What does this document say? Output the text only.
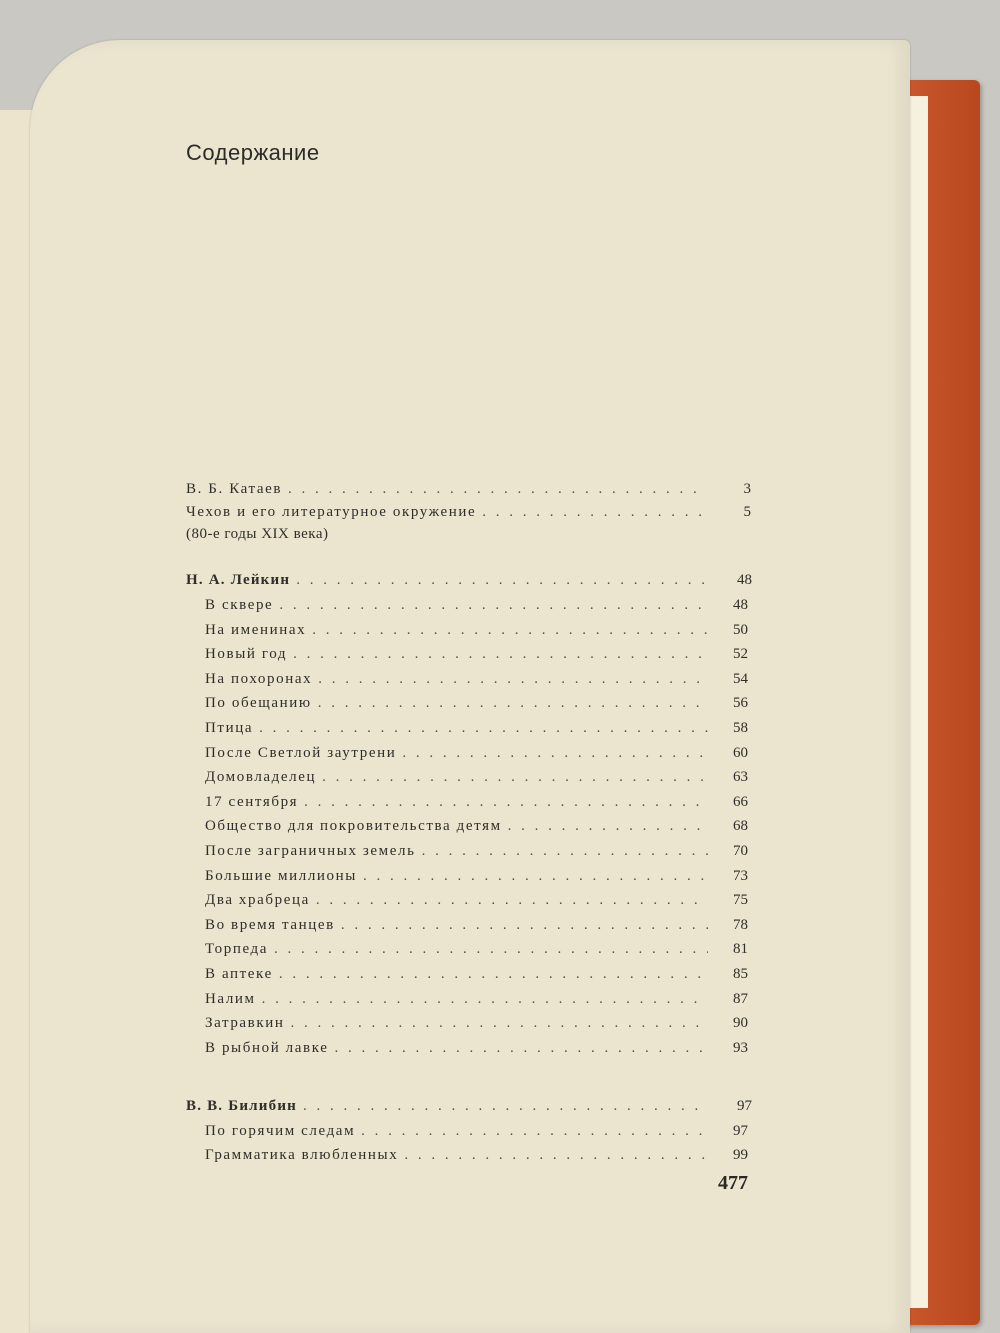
Содержание
В. Б. Катаев . . .	3
Чехов и его литературное окружение . . .	5
(80-е годы XIX века)
Н. А. Лейкин . . .	48
В сквере . . .	48
На именинах . . .	50
Новый год . . .	52
На похоронах . . .	54
По обещанию . . .	56
Птица . . .	58
После Светлой заутрени . . .	60
Домовладелец . . .	63
17 сентября . . .	66
Общество для покровительства детям . . .	68
После заграничных земель . . .	70
Большие миллионы . . .	73
Два храбреца . . .	75
Во время танцев . . .	78
Торпеда . . .	81
В аптеке . . .	85
Налим . . .	87
Затравкин . . .	90
В рыбной лавке . . .	93
В. В. Билибин . . .	97
По горячим следам . . .	97
Грамматика влюбленных . . .	99
477
